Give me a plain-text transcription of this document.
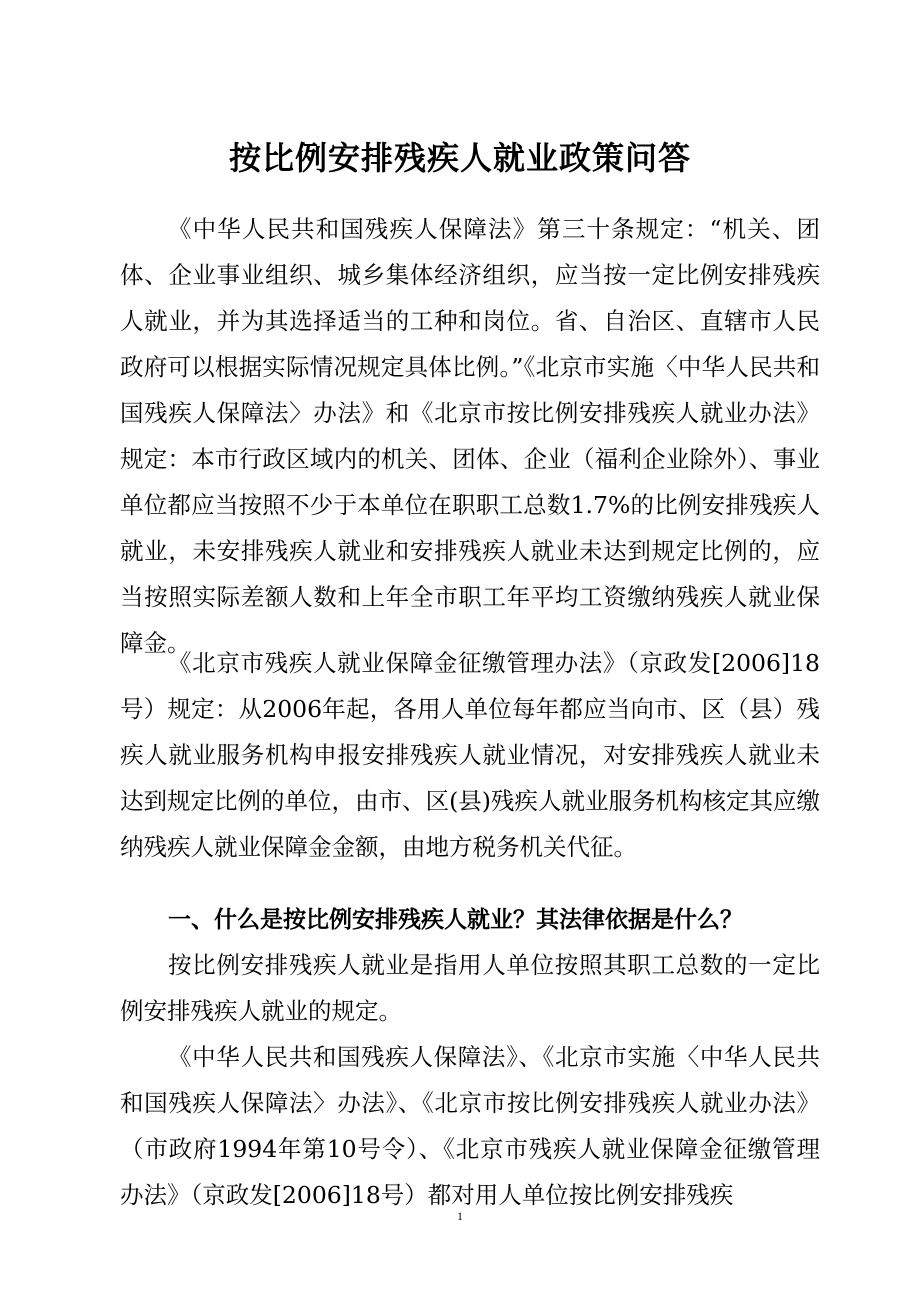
按比例安排残疾人就业政策问答

《中华人民共和国残疾人保障法》第三十条规定：“机关、团体、企业事业组织、城乡集体经济组织，应当按一定比例安排残疾人就业，并为其选择适当的工种和岗位。省、自治区、直辖市人民政府可以根据实际情况规定具体比例。”《北京市实施〈中华人民共和国残疾人保障法〉办法》和《北京市按比例安排残疾人就业办法》规定：本市行政区域内的机关、团体、企业（福利企业除外）、事业单位都应当按照不少于本单位在职职工总数1.7%的比例安排残疾人就业，未安排残疾人就业和安排残疾人就业未达到规定比例的，应当按照实际差额人数和上年全市职工年平均工资缴纳残疾人就业保障金。

《北京市残疾人就业保障金征缴管理办法》（京政发[2006]18号）规定：从2006年起，各用人单位每年都应当向市、区（县）残疾人就业服务机构申报安排残疾人就业情况，对安排残疾人就业未达到规定比例的单位，由市、区(县)残疾人就业服务机构核定其应缴纳残疾人就业保障金金额，由地方税务机关代征。

一、什么是按比例安排残疾人就业？其法律依据是什么？

按比例安排残疾人就业是指用人单位按照其职工总数的一定比例安排残疾人就业的规定。

《中华人民共和国残疾人保障法》、《北京市实施〈中华人民共和国残疾人保障法〉办法》、《北京市按比例安排残疾人就业办法》（市政府1994年第10号令）、《北京市残疾人就业保障金征缴管理办法》（京政发[2006]18号）都对用人单位按比例安排残疾

1
